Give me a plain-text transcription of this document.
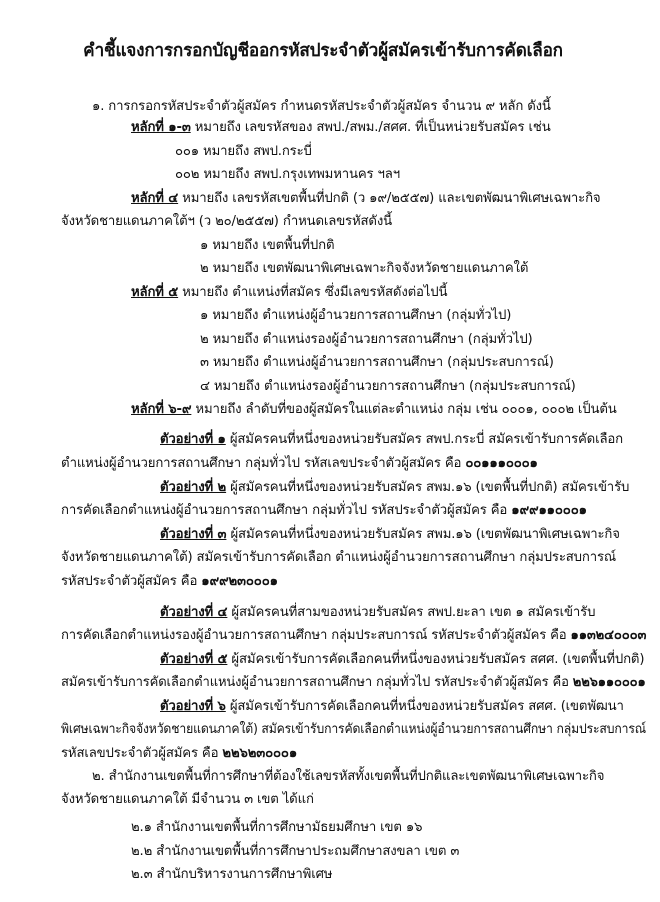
คำชี้แจงการกรอกบัญชีออกรหัสประจำตัวผู้สมัครเข้ารับการคัดเลือก
๑. การกรอกรหัสประจำตัวผู้สมัคร กำหนดรหัสประจำตัวผู้สมัคร จำนวน ๙ หลัก ดังนี้
หลักที่ ๑-๓ หมายถึง เลขรหัสของ สพป./สพม./สศศ. ที่เป็นหน่วยรับสมัคร เช่น
๐๐๑ หมายถึง สพป.กระบี่
๐๐๒ หมายถึง สพป.กรุงเทพมหานคร ฯลฯ
หลักที่ ๔ หมายถึง เลขรหัสเขตพื้นที่ปกติ (ว ๑๙/๒๕๕๗) และเขตพัฒนาพิเศษเฉพาะกิจ
จังหวัดชายแดนภาคใต้ฯ (ว ๒๐/๒๕๕๗) กำหนดเลขรหัสดังนี้
๑ หมายถึง เขตพื้นที่ปกติ
๒ หมายถึง เขตพัฒนาพิเศษเฉพาะกิจจังหวัดชายแดนภาคใต้
หลักที่ ๕ หมายถึง ตำแหน่งที่สมัคร ซึ่งมีเลขรหัสดังต่อไปนี้
๑ หมายถึง ตำแหน่งผู้อำนวยการสถานศึกษา (กลุ่มทั่วไป)
๒ หมายถึง ตำแหน่งรองผู้อำนวยการสถานศึกษา (กลุ่มทั่วไป)
๓ หมายถึง ตำแหน่งผู้อำนวยการสถานศึกษา (กลุ่มประสบการณ์)
๔ หมายถึง ตำแหน่งรองผู้อำนวยการสถานศึกษา (กลุ่มประสบการณ์)
หลักที่ ๖-๙ หมายถึง ลำดับที่ของผู้สมัครในแต่ละตำแหน่ง กลุ่ม เช่น ๐๐๐๑, ๐๐๐๒ เป็นต้น
ตัวอย่างที่ ๑ ผู้สมัครคนที่หนึ่งของหน่วยรับสมัคร สพป.กระบี่ สมัครเข้ารับการคัดเลือก
ตำแหน่งผู้อำนวยการสถานศึกษา กลุ่มทั่วไป รหัสเลขประจำตัวผู้สมัคร คือ ๐๐๑๑๑๐๐๐๑
ตัวอย่างที่ ๒ ผู้สมัครคนที่หนึ่งของหน่วยรับสมัคร สพม.๑๖ (เขตพื้นที่ปกติ) สมัครเข้ารับ
การคัดเลือกตำแหน่งผู้อำนวยการสถานศึกษา กลุ่มทั่วไป รหัสประจำตัวผู้สมัคร คือ ๑๙๙๑๑๐๐๐๑
ตัวอย่างที่ ๓ ผู้สมัครคนที่หนึ่งของหน่วยรับสมัคร สพม.๑๖ (เขตพัฒนาพิเศษเฉพาะกิจ
จังหวัดชายแดนภาคใต้) สมัครเข้ารับการคัดเลือก ตำแหน่งผู้อำนวยการสถานศึกษา กลุ่มประสบการณ์
รหัสประจำตัวผู้สมัคร คือ ๑๙๙๒๓๐๐๐๑
ตัวอย่างที่ ๔ ผู้สมัครคนที่สามของหน่วยรับสมัคร สพป.ยะลา เขต ๑ สมัครเข้ารับ
การคัดเลือกตำแหน่งรองผู้อำนวยการสถานศึกษา กลุ่มประสบการณ์ รหัสประจำตัวผู้สมัคร คือ ๑๑๓๒๔๐๐๐๓
ตัวอย่างที่ ๕ ผู้สมัครเข้ารับการคัดเลือกคนที่หนึ่งของหน่วยรับสมัคร สศศ. (เขตพื้นที่ปกติ)
สมัครเข้ารับการคัดเลือกตำแหน่งผู้อำนวยการสถานศึกษา กลุ่มทั่วไป รหัสประจำตัวผู้สมัคร คือ ๒๒๖๑๑๐๐๐๑
ตัวอย่างที่ ๖ ผู้สมัครเข้ารับการคัดเลือกคนที่หนึ่งของหน่วยรับสมัคร สศศ. (เขตพัฒนา
พิเศษเฉพาะกิจจังหวัดชายแดนภาคใต้) สมัครเข้ารับการคัดเลือกตำแหน่งผู้อำนวยการสถานศึกษา กลุ่มประสบการณ์
รหัสเลขประจำตัวผู้สมัคร คือ ๒๒๖๒๓๐๐๐๑
๒. สำนักงานเขตพื้นที่การศึกษาที่ต้องใช้เลขรหัสทั้งเขตพื้นที่ปกติและเขตพัฒนาพิเศษเฉพาะกิจ
จังหวัดชายแดนภาคใต้ มีจำนวน ๓ เขต ได้แก่
๒.๑ สำนักงานเขตพื้นที่การศึกษามัธยมศึกษา เขต ๑๖
๒.๒ สำนักงานเขตพื้นที่การศึกษาประถมศึกษาสงขลา เขต ๓
๒.๓ สำนักบริหารงานการศึกษาพิเศษ
